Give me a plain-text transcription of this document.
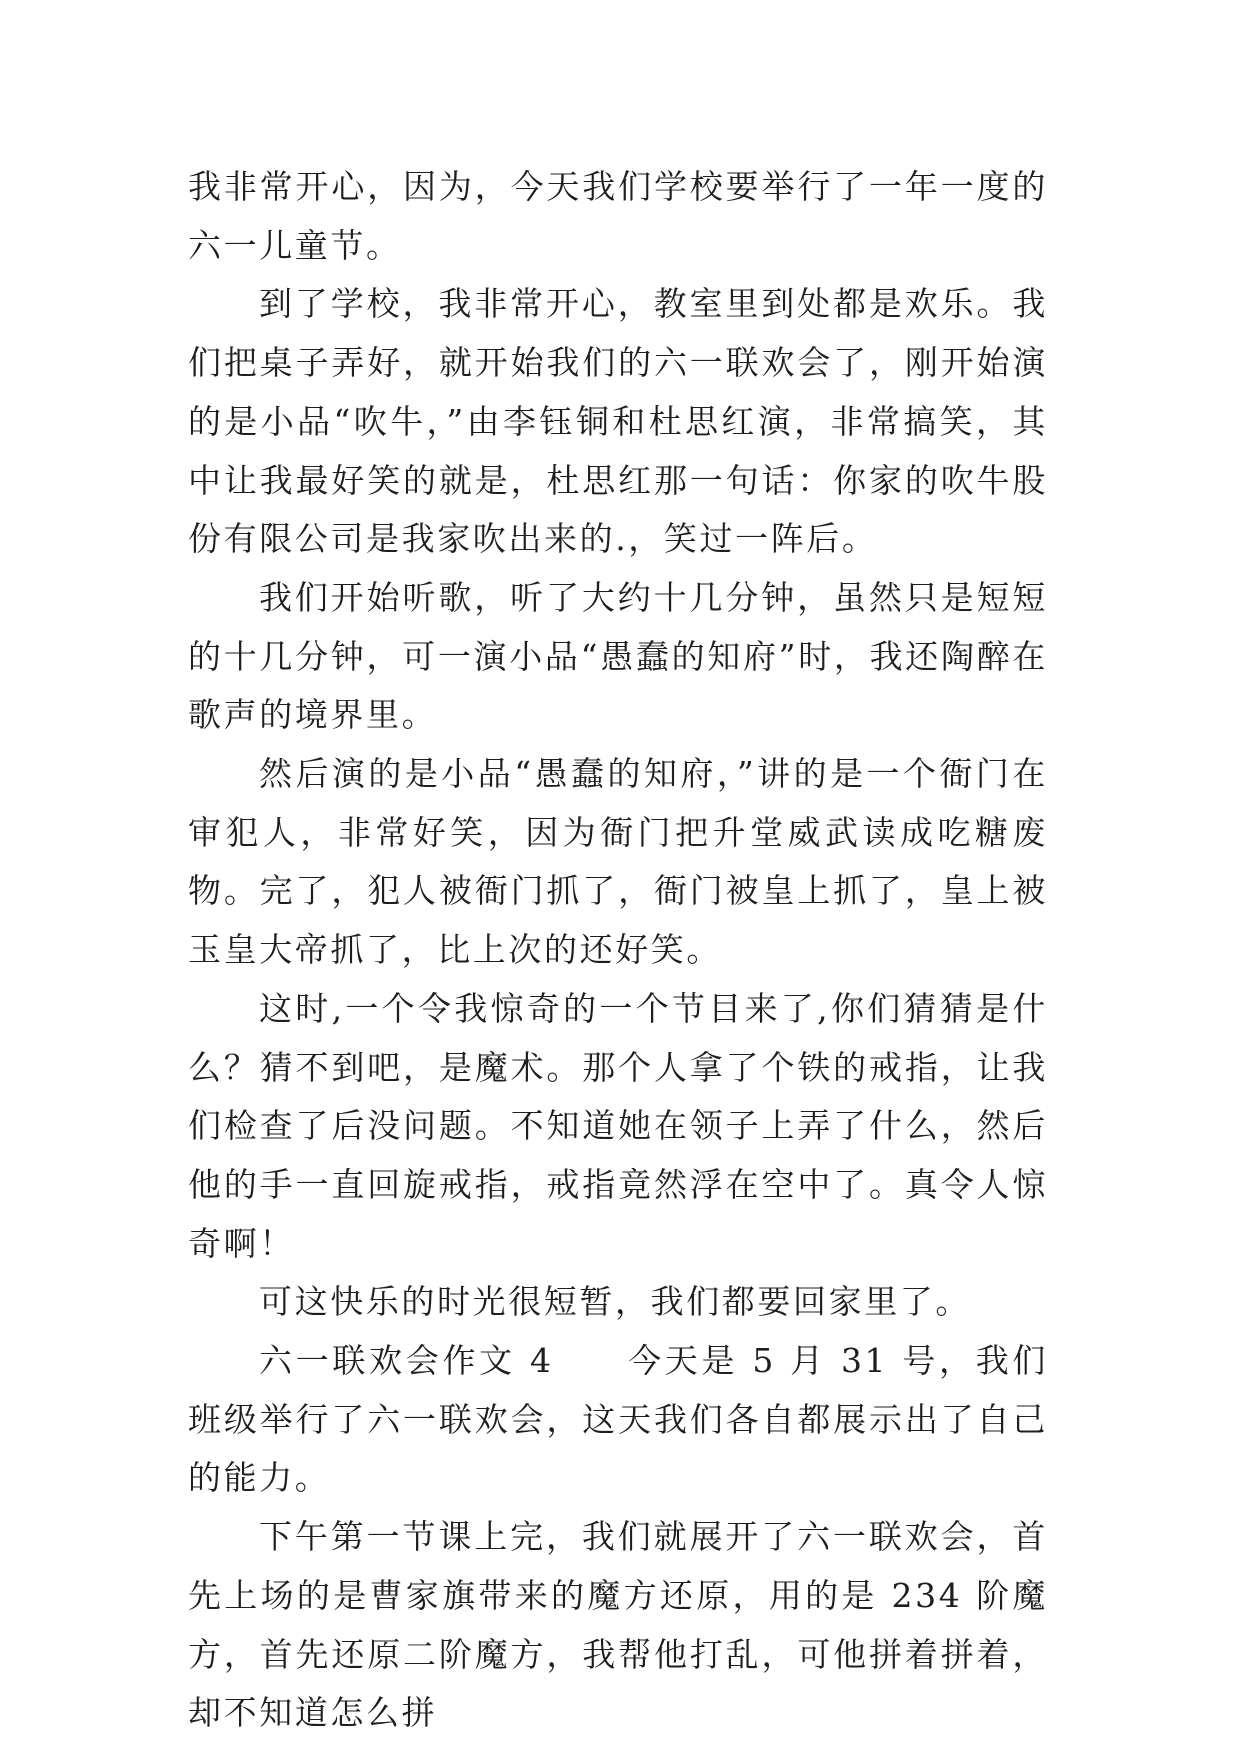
我非常开心，因为，今天我们学校要举行了一年一度的六一儿童节。

到了学校，我非常开心，教室里到处都是欢乐。我们把桌子弄好，就开始我们的六一联欢会了，刚开始演的是小品“吹牛，”由李钰铜和杜思红演，非常搞笑，其中让我最好笑的就是，杜思红那一句话：你家的吹牛股份有限公司是我家吹出来的.，笑过一阵后。

我们开始听歌，听了大约十几分钟，虽然只是短短的十几分钟，可一演小品“愚蠢的知府”时，我还陶醉在歌声的境界里。

然后演的是小品“愚蠢的知府，”讲的是一个衙门在审犯人，非常好笑，因为衙门把升堂威武读成吃糖废物。完了，犯人被衙门抓了，衙门被皇上抓了，皇上被玉皇大帝抓了，比上次的还好笑。

这时,一个令我惊奇的一个节目来了,你们猜猜是什么？猜不到吧，是魔术。那个人拿了个铁的戒指，让我们检查了后没问题。不知道她在领子上弄了什么，然后他的手一直回旋戒指，戒指竟然浮在空中了。真令人惊奇啊！

可这快乐的时光很短暂，我们都要回家里了。

六一联欢会作文 4　　今天是 5 月 31 号，我们班级举行了六一联欢会，这天我们各自都展示出了自己的能力。

下午第一节课上完，我们就展开了六一联欢会，首先上场的是曹家旗带来的魔方还原，用的是 234 阶魔方，首先还原二阶魔方，我帮他打乱，可他拼着拼着，却不知道怎么拼
